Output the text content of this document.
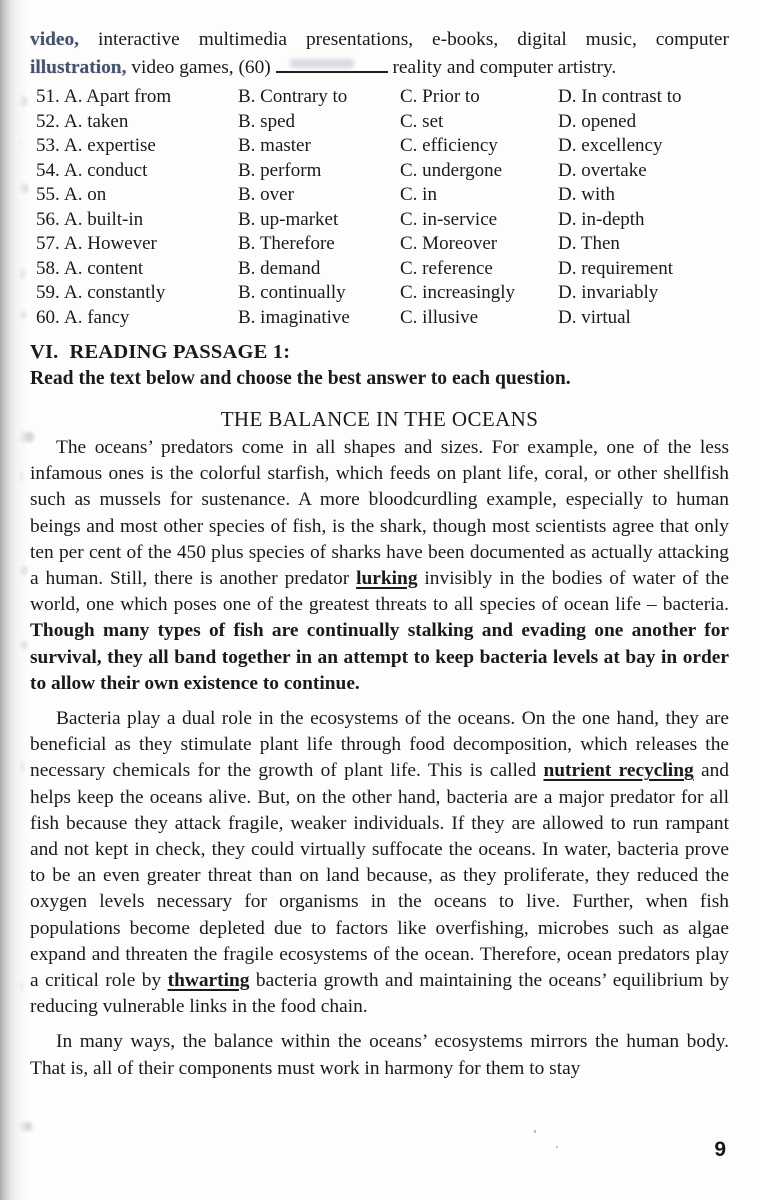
video, interactive multimedia presentations, e-books, digital music, computer illustration, video games, (60)	reality and computer artistry.

51. A. Apart from	B. Contrary to	C. Prior to	D. In contrast to
52. A. taken	B. sped	C. set	D. opened
53. A. expertise	B. master	C. efficiency	D. excellency
54. A. conduct	B. perform	C. undergone	D. overtake
55. A. on	B. over	C. in	D. with
56. A. built-in	B. up-market	C. in-service	D. in-depth
57. A. However	B. Therefore	C. Moreover	D. Then
58. A. content	B. demand	C. reference	D. requirement
59. A. constantly	B. continually	C. increasingly	D. invariably
60. A. fancy	B. imaginative	C. illusive	D. virtual
VI. READING PASSAGE 1:
Read the text below and choose the best answer to each question.
THE BALANCE IN THE OCEANS

The oceans’ predators come in all shapes and sizes. For example, one of the less infamous ones is the colorful starfish, which feeds on plant life, coral, or other shellfish such as mussels for sustenance. A more bloodcurdling example, especially to human beings and most other species of fish, is the shark, though most scientists agree that only ten per cent of the 450 plus species of sharks have been documented as actually attacking a human. Still, there is another predator lurking invisibly in the bodies of water of the world, one which poses one of the greatest threats to all species of ocean life – bacteria. Though many types of fish are continually stalking and evading one another for survival, they all band together in an attempt to keep bacteria levels at bay in order to allow their own existence to continue.

Bacteria play a dual role in the ecosystems of the oceans. On the one hand, they are beneficial as they stimulate plant life through food decomposition, which releases the necessary chemicals for the growth of plant life. This is called nutrient recycling and helps keep the oceans alive. But, on the other hand, bacteria are a major predator for all fish because they attack fragile, weaker individuals. If they are allowed to run rampant and not kept in check, they could virtually suffocate the oceans. In water, bacteria prove to be an even greater threat than on land because, as they proliferate, they reduced the oxygen levels necessary for organisms in the oceans to live. Further, when fish populations become depleted due to factors like overfishing, microbes such as algae expand and threaten the fragile ecosystems of the ocean. Therefore, ocean predators play a critical role by thwarting bacteria growth and maintaining the oceans’ equilibrium by reducing vulnerable links in the food chain.

In many ways, the balance within the oceans’ ecosystems mirrors the human body. That is, all of their components must work in harmony for them to stay

9
